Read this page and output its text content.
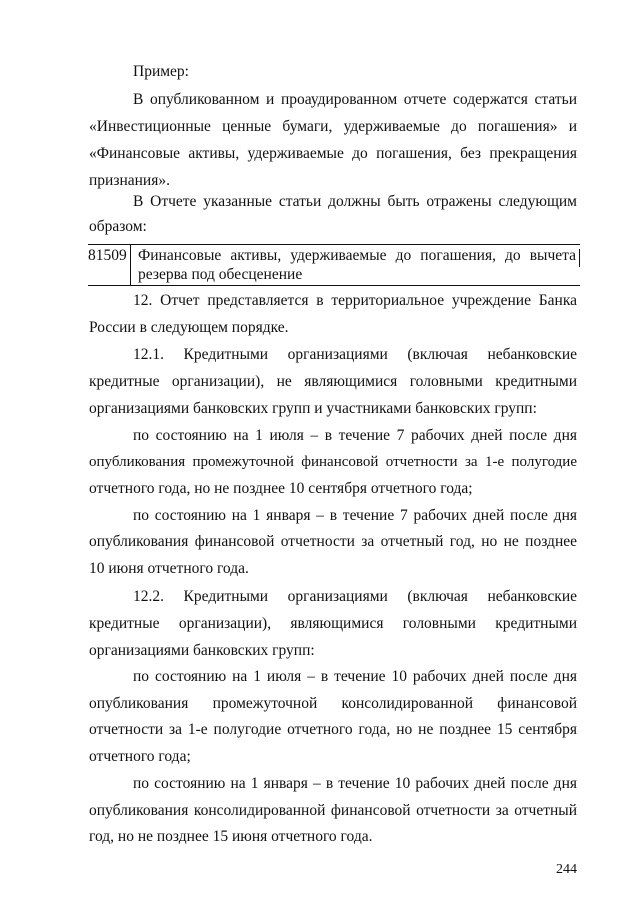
Пример:
В опубликованном и проаудированном отчете содержатся статьи
«Инвестиционные ценные бумаги, удерживаемые до погашения» и
«Финансовые активы, удерживаемые до погашения, без прекращения
признания».
В Отчете указанные статьи должны быть отражены следующим
образом:
81509 Финансовые активы, удерживаемые до погашения, до вычета
резерва под обесценение
12. Отчет представляется в территориальное учреждение Банка
России в следующем порядке.
12.1. Кредитными организациями (включая небанковские
кредитные организации), не являющимися головными кредитными
организациями банковских групп и участниками банковских групп:
по состоянию на 1 июля – в течение 7 рабочих дней после дня
опубликования промежуточной финансовой отчетности за 1-е полугодие
отчетного года, но не позднее 10 сентября отчетного года;
по состоянию на 1 января – в течение 7 рабочих дней после дня
опубликования финансовой отчетности за отчетный год, но не позднее
10 июня отчетного года.
12.2. Кредитными организациями (включая небанковские
кредитные организации), являющимися головными кредитными
организациями банковских групп:
по состоянию на 1 июля – в течение 10 рабочих дней после дня
опубликования промежуточной консолидированной финансовой
отчетности за 1-е полугодие отчетного года, но не позднее 15 сентября
отчетного года;
по состоянию на 1 января – в течение 10 рабочих дней после дня
опубликования консолидированной финансовой отчетности за отчетный
год, но не позднее 15 июня отчетного года.
244
